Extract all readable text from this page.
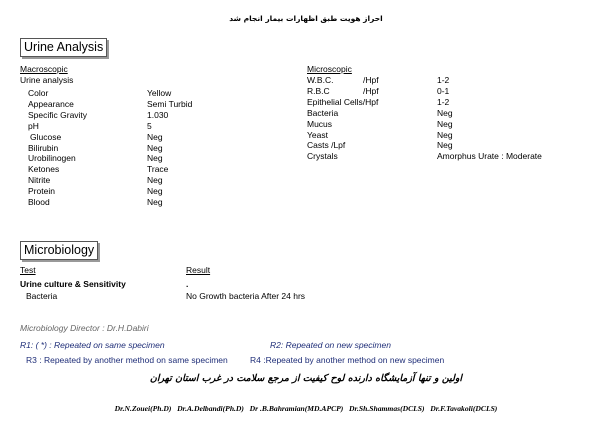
احراز هویت طبق اظهارات بیمار انجام شد
Urine Analysis
Macroscopic
Urine analysis
Color	Yellow
Appearance	Semi Turbid
Specific Gravity	1.030
pH	5
Glucose	Neg
Bilirubin	Neg
Urobilinogen	Neg
Ketones	Trace
Nitrite	Neg
Protein	Neg
Blood	Neg
Microscopic
W.B.C.	/Hpf	1-2
R.B.C	/Hpf	0-1
Epithelial Cells/Hpf	1-2
Bacteria	Neg
Mucus	Neg
Yeast	Neg
Casts /Lpf	Neg
Crystals	Amorphus Urate : Moderate
Microbiology
Test	Result
Urine culture & Sensitivity	.
Bacteria	No Growth bacteria After 24 hrs
Microbiology Director : Dr.H.Dabiri
R1: ( *) : Repeated on same specimen	R2: Repeated on new specimen
R3 : Repeated by another method on same specimen	R4 :Repeated by another method on new specimen
اولین و تنها آزمایشگاه دارنده لوح کیفیت از مرجع سلامت در غرب استان تهران
Dr.N.Zouei(Ph.D)   Dr.A.Delbandi(Ph.D)   Dr .B.Bahramian(MD.APCP)   Dr.Sh.Shammas(DCLS)   Dr.F.Tavakoli(DCLS)
